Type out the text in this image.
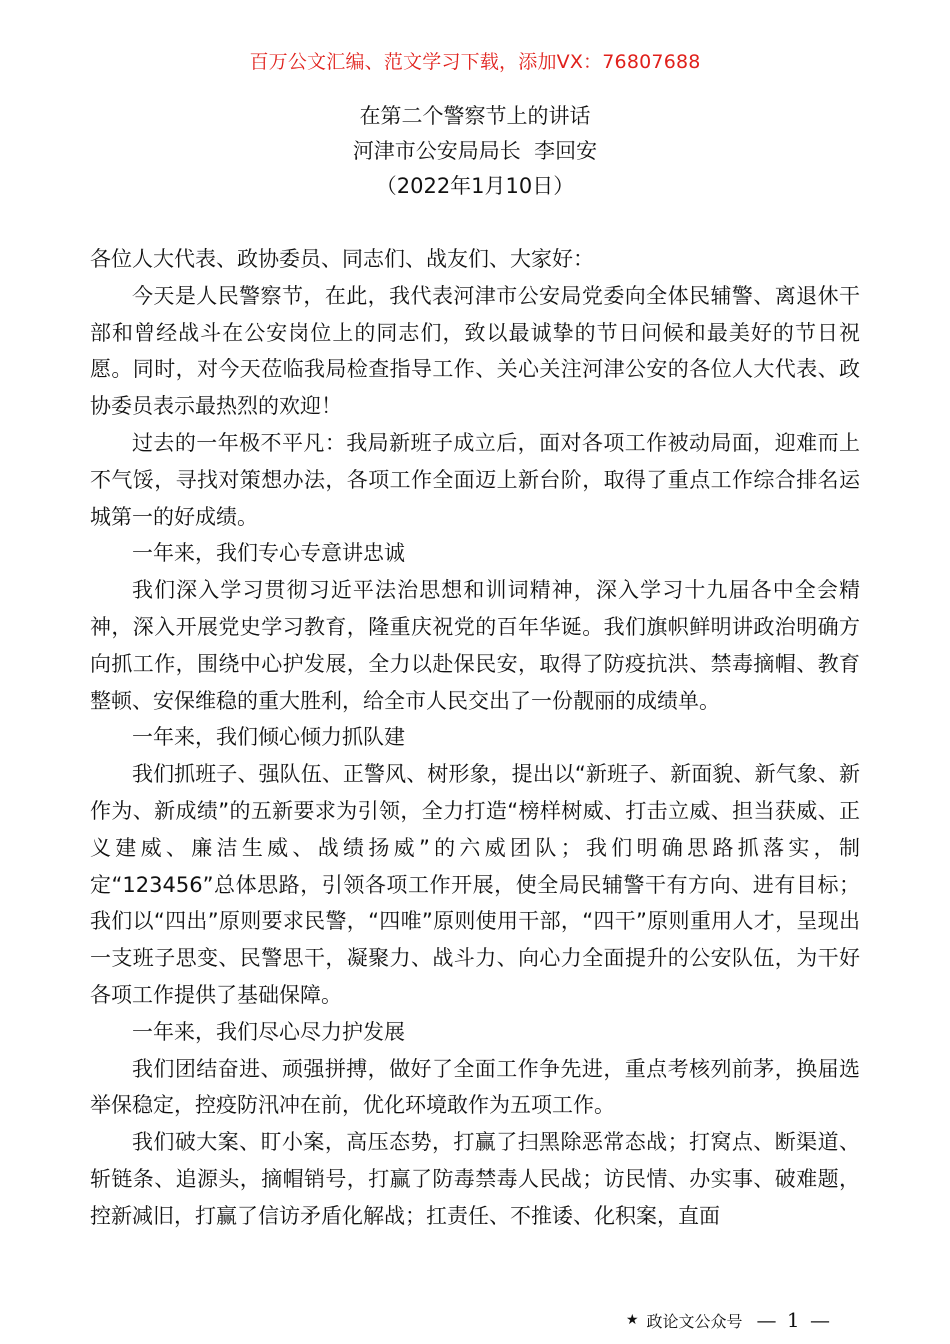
百万公文汇编、范文学习下载，添加VX：76807688
在第二个警察节上的讲话
河津市公安局局长  李回安
（2022年1月10日）

各位人大代表、政协委员、同志们、战友们、大家好：

今天是人民警察节，在此，我代表河津市公安局党委向全体民辅警、离退休干部和曾经战斗在公安岗位上的同志们，致以最诚挚的节日问候和最美好的节日祝愿。同时，对今天莅临我局检查指导工作、关心关注河津公安的各位人大代表、政协委员表示最热烈的欢迎！

过去的一年极不平凡：我局新班子成立后，面对各项工作被动局面，迎难而上不气馁，寻找对策想办法，各项工作全面迈上新台阶，取得了重点工作综合排名运城第一的好成绩。

一年来，我们专心专意讲忠诚

我们深入学习贯彻习近平法治思想和训词精神，深入学习十九届各中全会精神，深入开展党史学习教育，隆重庆祝党的百年华诞。我们旗帜鲜明讲政治明确方向抓工作，围绕中心护发展，全力以赴保民安，取得了防疫抗洪、禁毒摘帽、教育整顿、安保维稳的重大胜利，给全市人民交出了一份靓丽的成绩单。

一年来，我们倾心倾力抓队建

我们抓班子、强队伍、正警风、树形象，提出以“新班子、新面貌、新气象、新作为、新成绩”的五新要求为引领，全力打造“榜样树威、打击立威、担当获威、正义建威、廉洁生威、战绩扬威”的六威团队；我们明确思路抓落实，制定“123456”总体思路，引领各项工作开展，使全局民辅警干有方向、进有目标；我们以“四出”原则要求民警，“四唯”原则使用干部，“四干”原则重用人才，呈现出一支班子思变、民警思干，凝聚力、战斗力、向心力全面提升的公安队伍，为干好各项工作提供了基础保障。

一年来，我们尽心尽力护发展

我们团结奋进、顽强拼搏，做好了全面工作争先进，重点考核列前茅，换届选举保稳定，控疫防汛冲在前，优化环境敢作为五项工作。

我们破大案、盯小案，高压态势，打赢了扫黑除恶常态战；打窝点、断渠道、斩链条、追源头，摘帽销号，打赢了防毒禁毒人民战；访民情、办实事、破难题，控新减旧，打赢了信访矛盾化解战；扛责任、不推诿、化积案，直面

★ 政论文公众号 — 1 —
